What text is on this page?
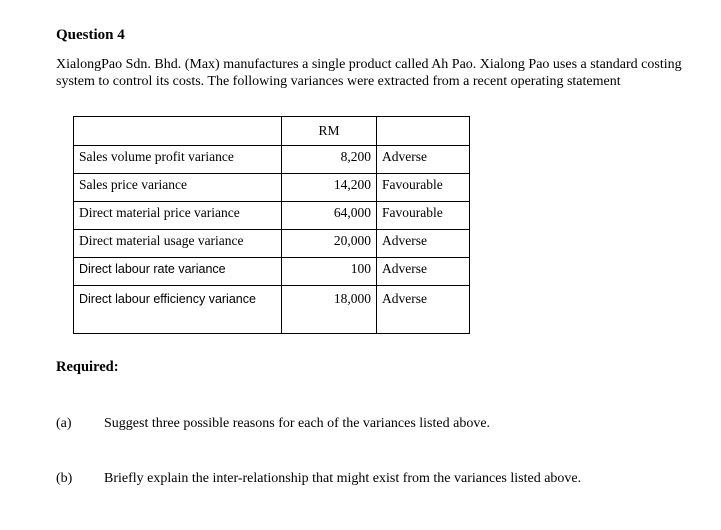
Question 4
XialongPao Sdn. Bhd. (Max) manufactures a single product called Ah Pao. Xialong Pao uses a standard costing system to control its costs. The following variances were extracted from a recent operating statement
	RM	

Sales volume profit variance	8,200	Adverse

Sales price variance	14,200	Favourable

Direct material price variance	64,000	Favourable

Direct material usage variance	20,000	Adverse

Direct labour rate variance	100	Adverse

Direct labour efficiency variance	18,000	Adverse
Required:
(a) Suggest three possible reasons for each of the variances listed above.
(b) Briefly explain the inter-relationship that might exist from the variances listed above.
